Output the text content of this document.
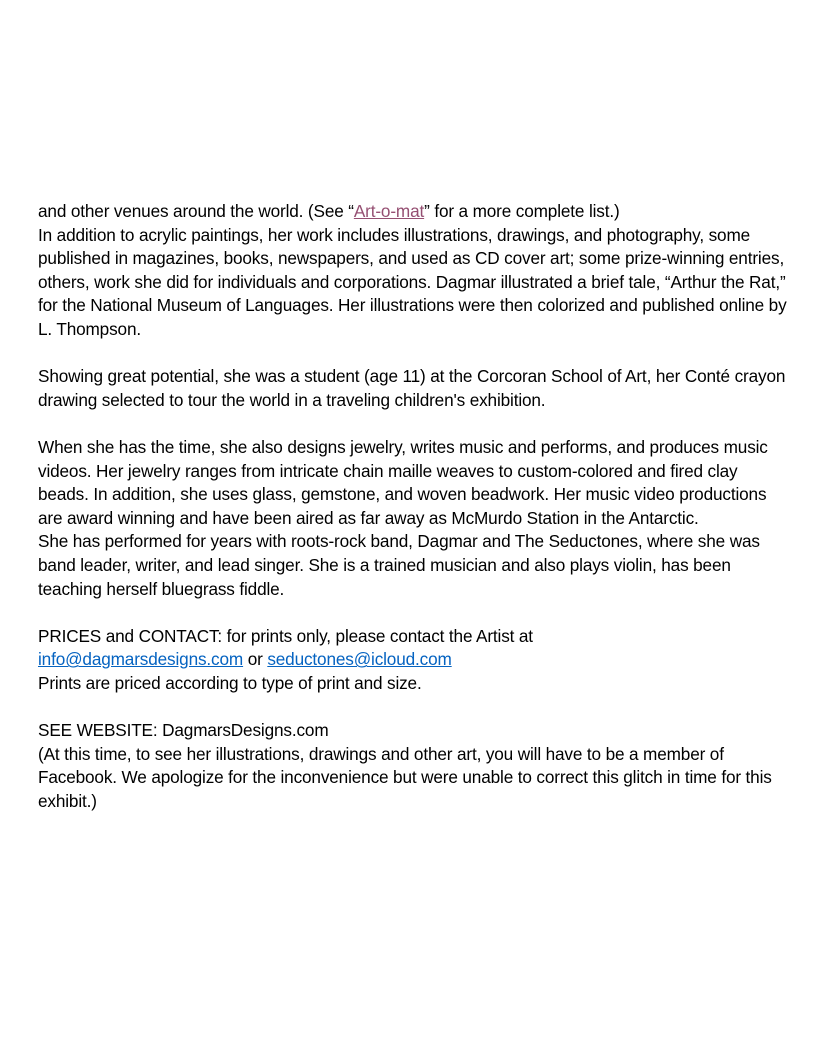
and other venues around the world. (See “Art-o-mat” for a more complete list.)

In addition to acrylic paintings, her work includes illustrations, drawings, and photography, some published in magazines, books, newspapers, and used as CD cover art; some prize-winning entries, others, work she did for individuals and corporations. Dagmar illustrated a brief tale, “Arthur the Rat,” for the National Museum of Languages. Her illustrations were then colorized and published online by L. Thompson.

Showing great potential, she was a student (age 11) at the Corcoran School of Art, her Conté crayon drawing selected to tour the world in a traveling children's exhibition.

When she has the time, she also designs jewelry, writes music and performs, and produces music videos. Her jewelry ranges from intricate chain maille weaves to custom-colored and fired clay beads. In addition, she uses glass, gemstone, and woven beadwork. Her music video productions are award winning and have been aired as far away as McMurdo Station in the Antarctic.

She has performed for years with roots-rock band, Dagmar and The Seductones, where she was band leader, writer, and lead singer. She is a trained musician and also plays violin, has been teaching herself bluegrass fiddle.

PRICES and CONTACT: for prints only, please contact the Artist at

info@dagmarsdesigns.com or seductones@icloud.com

Prints are priced according to type of print and size.

SEE WEBSITE: DagmarsDesigns.com

(At this time, to see her illustrations, drawings and other art, you will have to be a member of Facebook. We apologize for the inconvenience but were unable to correct this glitch in time for this exhibit.)
